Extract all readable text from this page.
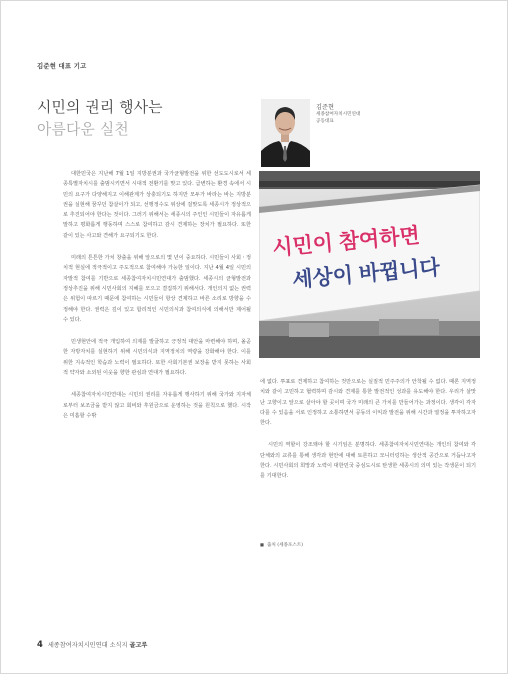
김준현 대표 기고
시민의 권리 행사는
아름다운 실천
김준현
세종참여자치시민연대
공동대표

대한민국은 지난해 7월 1일 지방분권과 국가균형발전을 위한 선도도시로서 세종특별자치시를 출범시키면서 시대적 전환기를 맞고 있다. 급변하는 환경 속에서 시민의 요구가 다양해지고 이해관계가 상충되기도 하지만 모두가 바라는 바는 지방분권을 실현해 꿈꾸던 참살이가 되고, 선행정수도 위상에 걸맞도록 세종시가 정상적으로 추진되어야 한다는 것이다. 그러기 위해서는 세종시의 주인인 시민들이 자유롭게 말하고 평화롭게 행동하며 스스로 참여하고 감시 견제하는 장치가 필요하다. 또한 같이 있는 사고와 견해가 요구되기도 한다.

미래의 튼튼한 가치 창출을 위해 앞으로의 몇 년이 중요하다. 시민들이 사회ㆍ정치적 현실에 적극적이고 주도적으로 참여해야 가능한 일이다. 지난 4월 4일 시민의 자발적 참여를 기반으로 세종참여자치시민연대가 출범했다. 세종시의 균형발전과 정상추진을 위해 시민사회의 지혜를 모으고 결집하기 위해서다. 개인의지 없는 권력은 위험이 따르기 때문에 참여하는 시민들이 항상 견제하고 바른 소리로 방향을 수정해야 한다. 권력은 깊이 있고 합리적인 시민의식과 참여의식에 의해서만 제어될 수 있다.

민생현안에 적극 개입하여 의제를 발굴하고 긍정적 대안을 마련해야 하며, 올곧한 자방자치를 실현하기 위해 시민의식과 지역정치의 역량을 강화해야 한다. 이를 위한 지속적인 학습과 노력이 필요하다. 또한 사회기본권 보장을 받지 못하는 사회적 약자와 소외된 이웃을 향한 관심과 연대가 필요하다.

세종참여자치시민연대는 시민의 권리를 자유롭게 행사하기 위해 국가와 지자체로부터 보조금을 받지 않고 회비와 후원금으로 운영하는 것을 원칙으로 했다. 시작은 미흡할 수밖

시민이 참여하면
세상이 바뀝니다

에 없다. 투표로 견제하고 참여하는 것만으로는 실질적 민주주의가 안착될 수 없다. 때론 지역정치와 같이 고민하고 협력하며 감시와 견제를 통한 발전적인 성과를 유도해야 한다. 우리가 살맛난 고향이고 앞으로 살아야 할 곳이며 국가 미래의 큰 가치를 만들어가는 과정이다. 생각이 각자 다를 수 있음을 서로 인정하고 소통하면서 공동의 이익과 발전을 위해 시간과 열정을 투자하고자 한다.

시민의 역할이 강조돼야 할 시기임은 분명하다. 세종참여자치시민연대는 개인의 참여와 각 단체와의 교류를 통해 생각과 현안에 대해 토론하고 모니터링하는 생산적 공간으로 거듭나고자 한다. 시민사회의 희망과 노력이 대한민국 중심도시로 탄생한 세종시의 의미 있는 작생문이 되기를 기대한다.

■ 출처 (세종포스트)
4 세종참여자치시민연대 소식지 골고루
